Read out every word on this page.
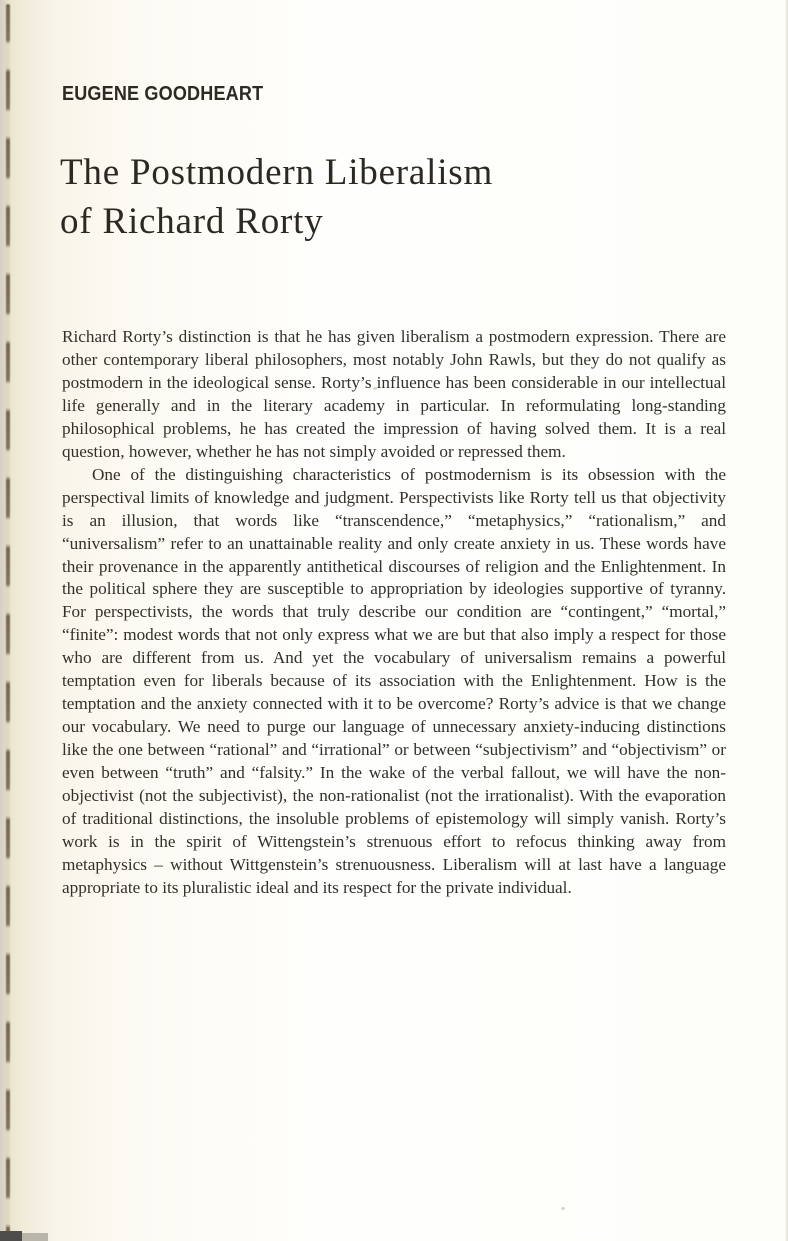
EUGENE GOODHEART
The Postmodern Liberalism
of Richard Rorty

Richard Rorty’s distinction is that he has given liberalism a postmodern expression. There are other contemporary liberal philosophers, most notably John Rawls, but they do not qualify as postmodern in the ideological sense. Rorty’s influence has been considerable in our intellectual life generally and in the literary academy in particular. In reformulating long-standing philosophical problems, he has created the impression of having solved them. It is a real question, however, whether he has not simply avoided or repressed them.

One of the distinguishing characteristics of postmodernism is its obsession with the perspectival limits of knowledge and judgment. Perspectivists like Rorty tell us that objectivity is an illusion, that words like “transcendence,” “metaphysics,” “rationalism,” and “universalism” refer to an unattainable reality and only create anxiety in us. These words have their provenance in the apparently antithetical discourses of religion and the Enlightenment. In the political sphere they are susceptible to appropriation by ideologies supportive of tyranny. For perspectivists, the words that truly describe our condition are “contingent,” “mortal,” “finite”: modest words that not only express what we are but that also imply a respect for those who are different from us. And yet the vocabulary of universalism remains a powerful temptation even for liberals because of its association with the Enlightenment. How is the temptation and the anxiety connected with it to be overcome? Rorty’s advice is that we change our vocabulary. We need to purge our language of unnecessary anxiety-inducing distinctions like the one between “rational” and “irrational” or between “subjectivism” and “objectivism” or even between “truth” and “falsity.” In the wake of the verbal fallout, we will have the non-objectivist (not the subjectivist), the non-rationalist (not the irrationalist). With the evaporation of traditional distinctions, the insoluble problems of epistemology will simply vanish. Rorty’s work is in the spirit of Wittengstein’s strenuous effort to refocus thinking away from metaphysics – without Wittgenstein’s strenuousness. Liberalism will at last have a language appropriate to its pluralistic ideal and its respect for the private individual.
